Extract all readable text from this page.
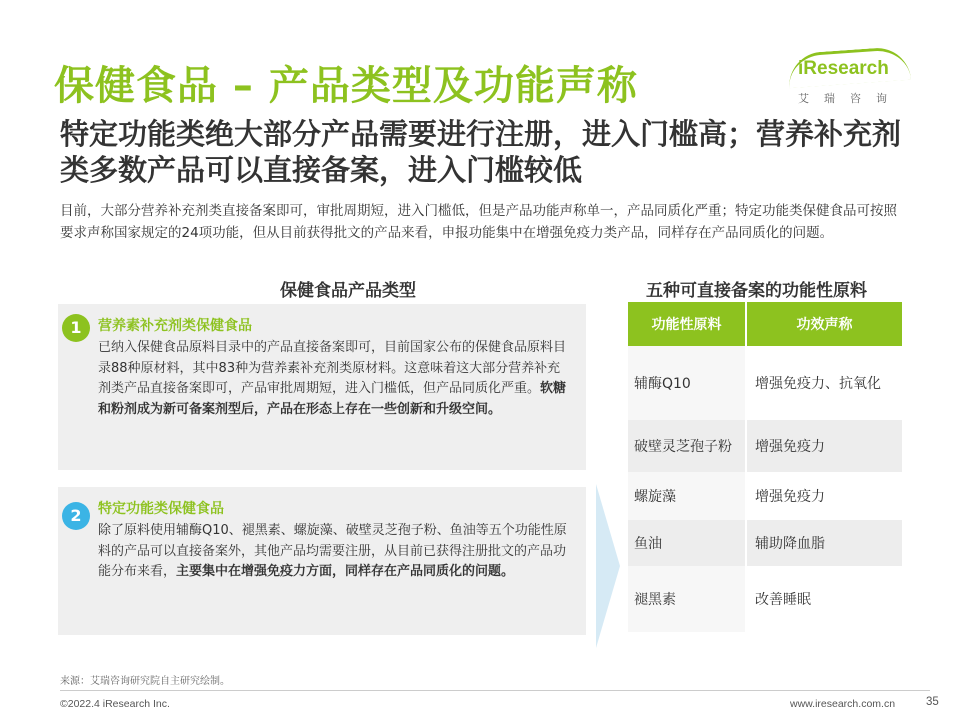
保健食品 – 产品类型及功能声称	iResearch
艾瑞咨询
特定功能类绝大部分产品需要进行注册，进入门槛高；营养补充剂类多数产品可以直接备案，进入门槛较低
目前，大部分营养补充剂类直接备案即可，审批周期短，进入门槛低，但是产品功能声称单一，产品同质化严重；特定功能类保健食品可按照要求声称国家规定的24项功能，但从目前获得批文的产品来看，申报功能集中在增强免疫力类产品，同样存在产品同质化的问题。
保健食品产品类型	五种可直接备案的功能性原料
营养素补充剂类保健食品
已纳入保健食品原料目录中的产品直接备案即可，目前国家公布的保健食品原料目录88种原材料，其中83种为营养素补充剂类原材料。这意味着这大部分营养补充剂类产品直接备案即可，产品审批周期短，进入门槛低，但产品同质化严重。软糖和粉剂成为新可备案剂型后，产品在形态上存在一些创新和升级空间。
1
特定功能类保健食品
除了原料使用辅酶Q10、褪黑素、螺旋藻、破壁灵芝孢子粉、鱼油等五个功能性原料的产品可以直接备案外，其他产品均需要注册，从目前已获得注册批文的产品功能分布来看，主要集中在增强免疫力方面，同样存在产品同质化的问题。
2
功能性原料	功效声称
辅酶Q10	增强免疫力、抗氧化
破壁灵芝孢子粉	增强免疫力
螺旋藻	增强免疫力
鱼油	辅助降血脂
褪黑素	改善睡眠
来源：艾瑞咨询研究院自主研究绘制。
©2022.4 iResearch Inc.	www.iresearch.com.cn	35
